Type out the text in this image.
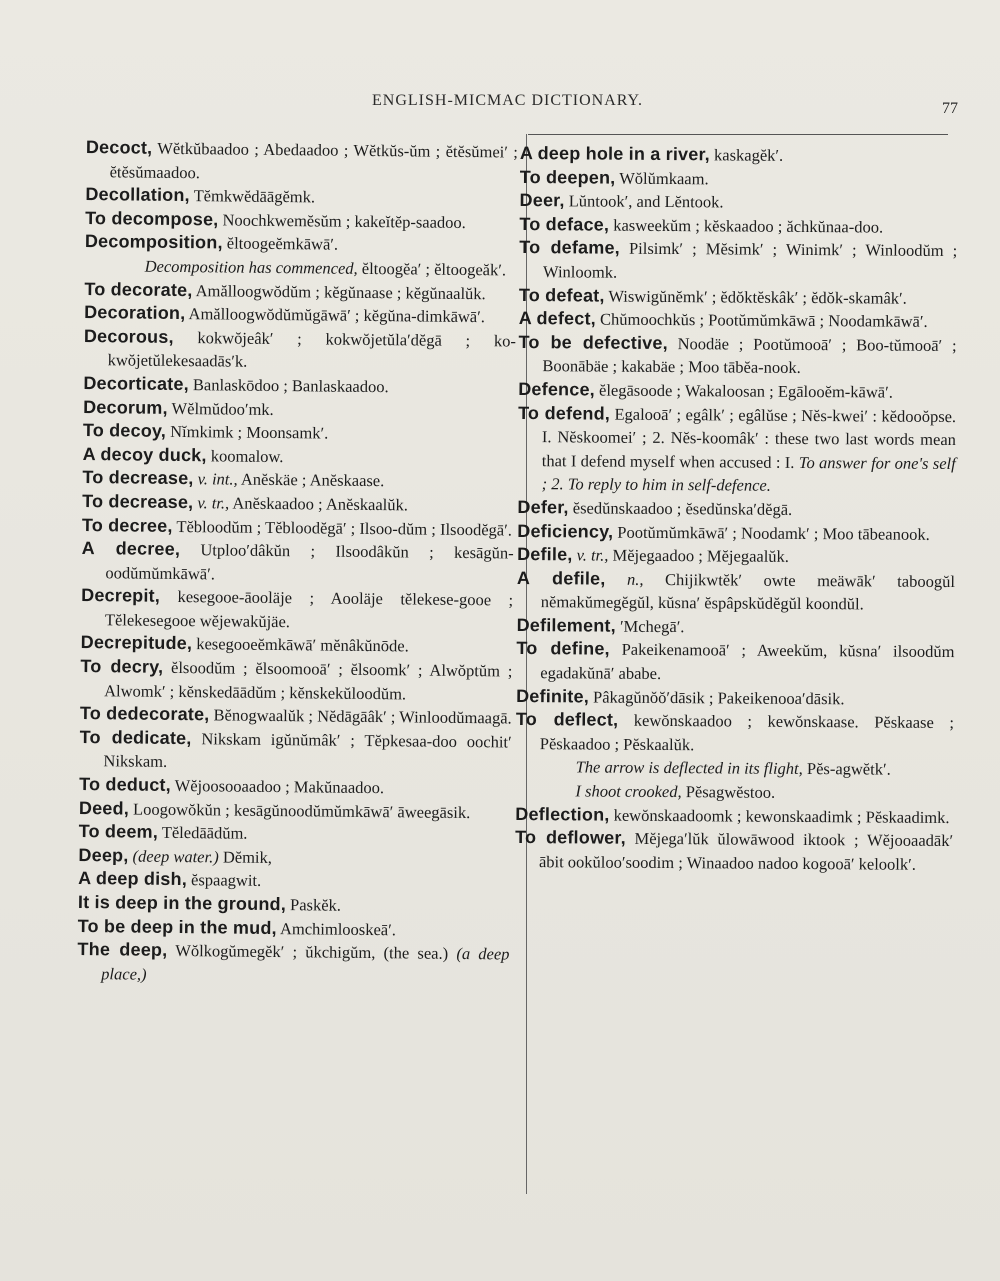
ENGLISH-MICMAC DICTIONARY.	77

Decoct, Wĕtkŭbaadoo ; Abedaadoo ; Wĕtkŭs-ŭm ; ĕtĕsŭmei′ ; ĕtĕsŭmaadoo.

Decollation, Tĕmkwĕdāāgĕmk.

To decompose, Noochkwemĕsŭm ; kakeĭtĕp-saadoo.

Decomposition, ĕltoogeĕmkāwā′.

Decomposition has commenced, ĕltoogĕa′ ; ĕltoogeăk′.

To decorate, Amălloogwŏdŭm ; kĕgŭnaase ; kĕgŭnaalŭk.

Decoration, Amălloogwŏdŭmŭgāwā′ ; kĕgŭna-dimkāwā′.

Decorous, kokwŏjeâk′ ; kokwŏjetŭla′dĕgā ; ko-kwŏjetŭlekesaadās′k.

Decorticate, Banlaskōdoo ; Banlaskaadoo.

Decorum, Wĕlmŭdoo′mk.

To decoy, Nĭmkimk ; Moonsamk′.

A decoy duck, koomalow.

To decrease, v. int., Anĕskäe ; Anĕskaase.

To decrease, v. tr., Anĕskaadoo ; Anĕskaalŭk.

To decree, Tĕbloodŭm ; Tĕbloodĕgā′ ; Ilsoo-dŭm ; Ilsoodĕgā′.

A decree, Utploo′dâkŭn ; Ilsoodâkŭn ; kesāgŭn-oodŭmŭmkāwā′.

Decrepit, kesegooe-āooläje ; Aooläje tĕlekese-gooe ; Tĕlekesegooe wĕjewakŭjäe.

Decrepitude, kesegooeĕmkāwā′ mĕnâkŭnōde.

To decry, ĕlsoodŭm ; ĕlsoomooā′ ; ĕlsoomk′ ; Alwŏptŭm ; Alwomk′ ; kĕnskedāādŭm ; kĕnskekŭloodŭm.

To dedecorate, Bĕnogwaalŭk ; Nĕdāgāâk′ ; Winloodŭmaagā.

To dedicate, Nikskam igŭnŭmâk′ ; Tĕpkesaa-doo oochit′ Nikskam.

To deduct, Wĕjoosooaadoo ; Makŭnaadoo.

Deed, Loogowŏkŭn ; kesāgŭnoodŭmŭmkāwā′ āweegāsik.

To deem, Tĕledāādŭm.

Deep, (deep water.) Dĕmik,

A deep dish, ĕspaagwit.

It is deep in the ground, Paskĕk.

To be deep in the mud, Amchimlooskeā′.

The deep, Wŏlkogŭmegĕk′ ; ŭkchigŭm, (the sea.) (a deep place,)

A deep hole in a river, kaskagĕk′.

To deepen, Wŏlŭmkaam.

Deer, Lŭntook′, and Lĕntook.

To deface, kasweekŭm ; kĕskaadoo ; ăchkŭnaa-doo.

To defame, Pilsimk′ ; Mĕsimk′ ; Winimk′ ; Winloodŭm ; Winloomk.

To defeat, Wiswigŭnĕmk′ ; ĕdŏktĕskâk′ ; ĕdŏk-skamâk′.

A defect, Chŭmoochkŭs ; Pootŭmŭmkāwā ; Noodamkāwā′.

To be defective, Noodäe ; Pootŭmooā′ ; Boo-tŭmooā′ ; Boonābäe ; kakabäe ; Moo tābĕa-nook.

Defence, ĕlegāsoode ; Wakaloosan ; Egālooĕm-kāwā′.

To defend, Egalooā′ ; egâlk′ ; egâlŭse ; Nĕs-kwei′ : kĕdooŏpse. I. Nĕskoomei′ ; 2. Nĕs-koomâk′ : these two last words mean that I defend myself when accused : I. To answer for one's self ; 2. To reply to him in self-defence.

Defer, ĕsedŭnskaadoo ; ĕsedŭnska′dĕgā.

Deficiency, Pootŭmŭmkāwā′ ; Noodamk′ ; Moo tābeanook.

Defile, v. tr., Mĕjegaadoo ; Mĕjegaalŭk.

A defile, n., Chijikwtĕk′ owte meäwāk′ taboogŭl nĕmakŭmegĕgŭl, kŭsna′ ĕspâpskŭdĕgŭl koondŭl.

Defilement, ′Mchegā′.

To define, Pakeikenamooā′ ; Aweekŭm, kŭsna′ ilsoodŭm egadakŭnā′ ababe.

Definite, Pâkagŭnŏŏ′dāsik ; Pakeikenooa′dāsik.

To deflect, kewŏnskaadoo ; kewŏnskaase. Pĕskaase ; Pĕskaadoo ; Pĕskaalŭk.

The arrow is deflected in its flight, Pĕs-agwĕtk′.

I shoot crooked, Pĕsagwĕstoo.

Deflection, kewŏnskaadoomk ; kewonskaadimk ; Pĕskaadimk.

To deflower, Mĕjega′lŭk ŭlowāwood iktook ; Wĕjooaadāk′ ābit ookŭloo′soodim ; Winaadoo nadoo kogooā′ keloolk′.
